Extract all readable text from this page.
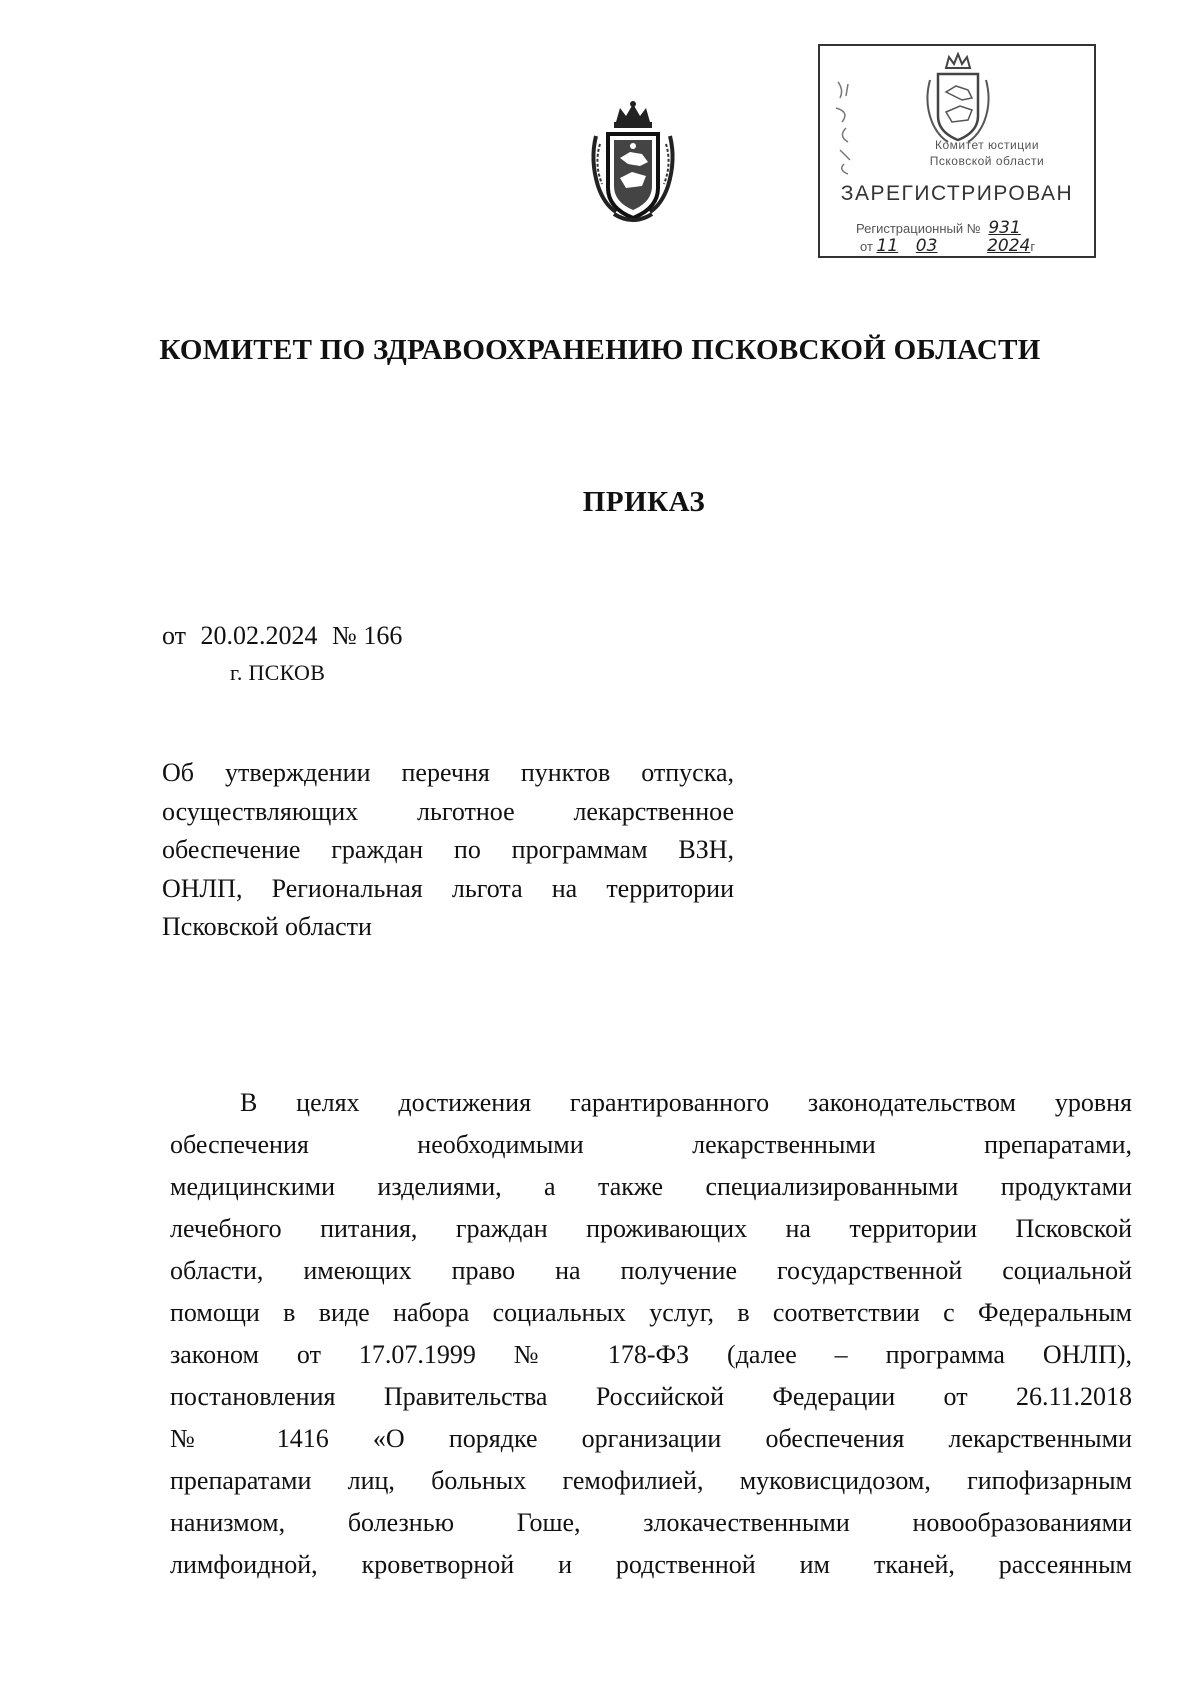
Комитет юстиции
Псковской области
ЗАРЕГИСТРИРОВАН
Регистрационный № 931
от 11 03	2024г
КОМИТЕТ ПО ЗДРАВООХРАНЕНИЮ ПСКОВСКОЙ ОБЛАСТИ
ПРИКАЗ
от 20.02.2024 № 166
г. ПСКОВ
Об утверждении перечня пунктов отпуска,
осуществляющих льготное лекарственное
обеспечение граждан по программам ВЗН,
ОНЛП, Региональная льгота на территории
Псковской области
В целях достижения гарантированного законодательством уровня
обеспечения необходимыми лекарственными препаратами,
медицинскими изделиями, а также специализированными продуктами
лечебного питания, граждан проживающих на территории Псковской
области, имеющих право на получение государственной социальной
помощи в виде набора социальных услуг, в соответствии с Федеральным
законом от 17.07.1999 № 178-ФЗ (далее – программа ОНЛП),
постановления Правительства Российской Федерации от 26.11.2018
№ 1416 «О порядке организации обеспечения лекарственными
препаратами лиц, больных гемофилией, муковисцидозом, гипофизарным
нанизмом, болезнью Гоше, злокачественными новообразованиями
лимфоидной, кроветворной и родственной им тканей, рассеянным
